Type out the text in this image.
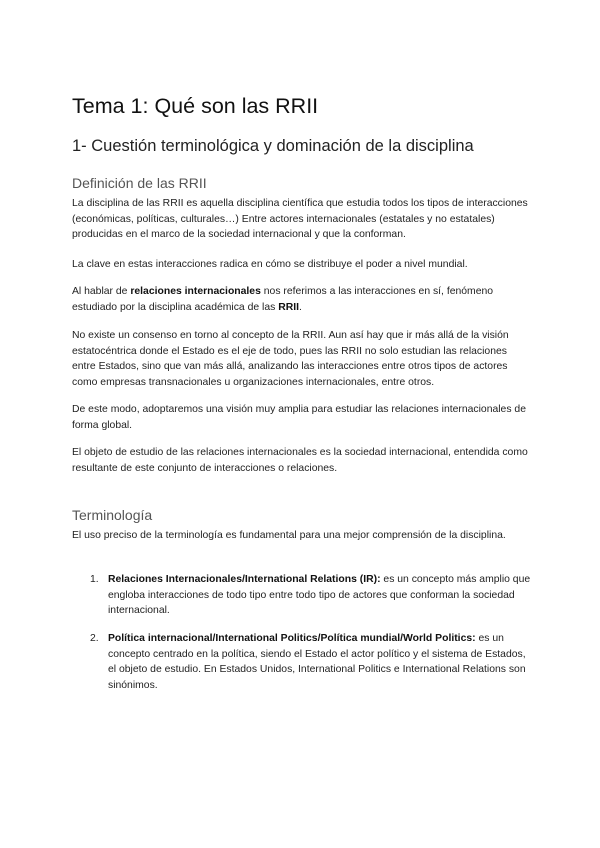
Tema 1: Qué son las RRII
1- Cuestión terminológica y dominación de la disciplina
Definición de las RRII

La disciplina de las RRII es aquella disciplina científica que estudia todos los tipos de interacciones (económicas, políticas, culturales…) Entre actores internacionales (estatales y no estatales) producidas en el marco de la sociedad internacional y que la conforman.

La clave en estas interacciones radica en cómo se distribuye el poder a nivel mundial.

Al hablar de relaciones internacionales nos referimos a las interacciones en sí, fenómeno estudiado por la disciplina académica de las RRII.

No existe un consenso en torno al concepto de la RRII. Aun así hay que ir más allá de la visión estatocéntrica donde el Estado es el eje de todo, pues las RRII no solo estudian las relaciones entre Estados, sino que van más allá, analizando las interacciones entre otros tipos de actores como empresas transnacionales u organizaciones internacionales, entre otros.

De este modo, adoptaremos una visión muy amplia para estudiar las relaciones internacionales de forma global.

El objeto de estudio de las relaciones internacionales es la sociedad internacional, entendida como resultante de este conjunto de interacciones o relaciones.

Terminología

El uso preciso de la terminología es fundamental para una mejor comprensión de la disciplina.

1. Relaciones Internacionales/International Relations (IR): es un concepto más amplio que engloba interacciones de todo tipo entre todo tipo de actores que conforman la sociedad internacional.
2. Política internacional/International Politics/Política mundial/World Politics: es un concepto centrado en la política, siendo el Estado el actor político y el sistema de Estados, el objeto de estudio. En Estados Unidos, International Politics e International Relations son sinónimos.
